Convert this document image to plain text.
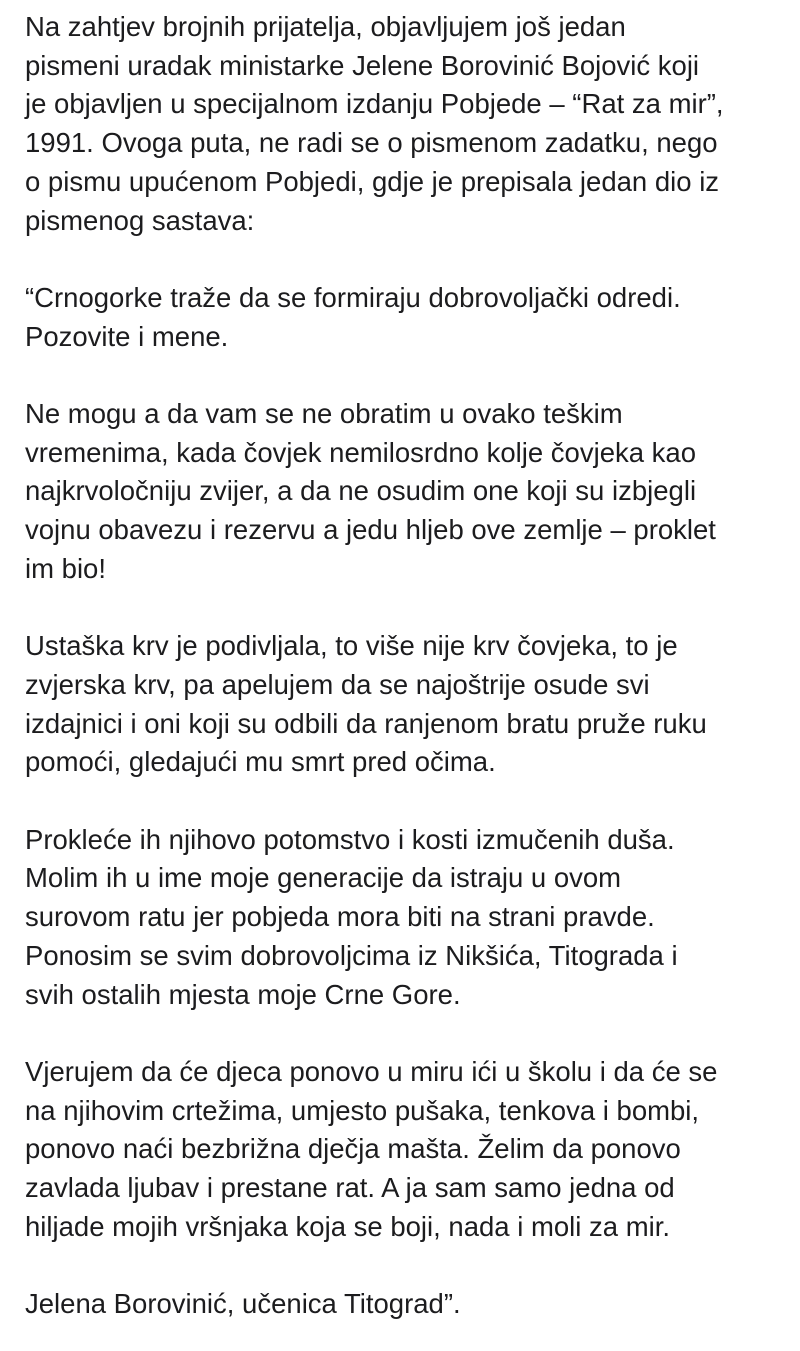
Na zahtjev brojnih prijatelja, objavljujem još jedan
pismeni uradak ministarke Jelene Borovinić Bojović koji
je objavljen u specijalnom izdanju Pobjede – “Rat za mir”,
1991. Ovoga puta, ne radi se o pismenom zadatku, nego
o pismu upućenom Pobjedi, gdje je prepisala jedan dio iz
pismenog sastava:

“Crnogorke traže da se formiraju dobrovoljački odredi.
Pozovite i mene.

Ne mogu a da vam se ne obratim u ovako teškim
vremenima, kada čovjek nemilosrdno kolje čovjeka kao
najkrvoločniju zvijer, a da ne osudim one koji su izbjegli
vojnu obavezu i rezervu a jedu hljeb ove zemlje – proklet
im bio!

Ustaška krv je podivljala, to više nije krv čovjeka, to je
zvjerska krv, pa apelujem da se najoštrije osude svi
izdajnici i oni koji su odbili da ranjenom bratu pruže ruku
pomoći, gledajući mu smrt pred očima.

Prokleće ih njihovo potomstvo i kosti izmučenih duša.
Molim ih u ime moje generacije da istraju u ovom
surovom ratu jer pobjeda mora biti na strani pravde.
Ponosim se svim dobrovoljcima iz Nikšića, Titograda i
svih ostalih mjesta moje Crne Gore.

Vjerujem da će djeca ponovo u miru ići u školu i da će se
na njihovim crtežima, umjesto pušaka, tenkova i bombi,
ponovo naći bezbrižna dječja mašta. Želim da ponovo
zavlada ljubav i prestane rat. A ja sam samo jedna od
hiljade mojih vršnjaka koja se boji, nada i moli za mir.

Jelena Borovinić, učenica Titograd”.
